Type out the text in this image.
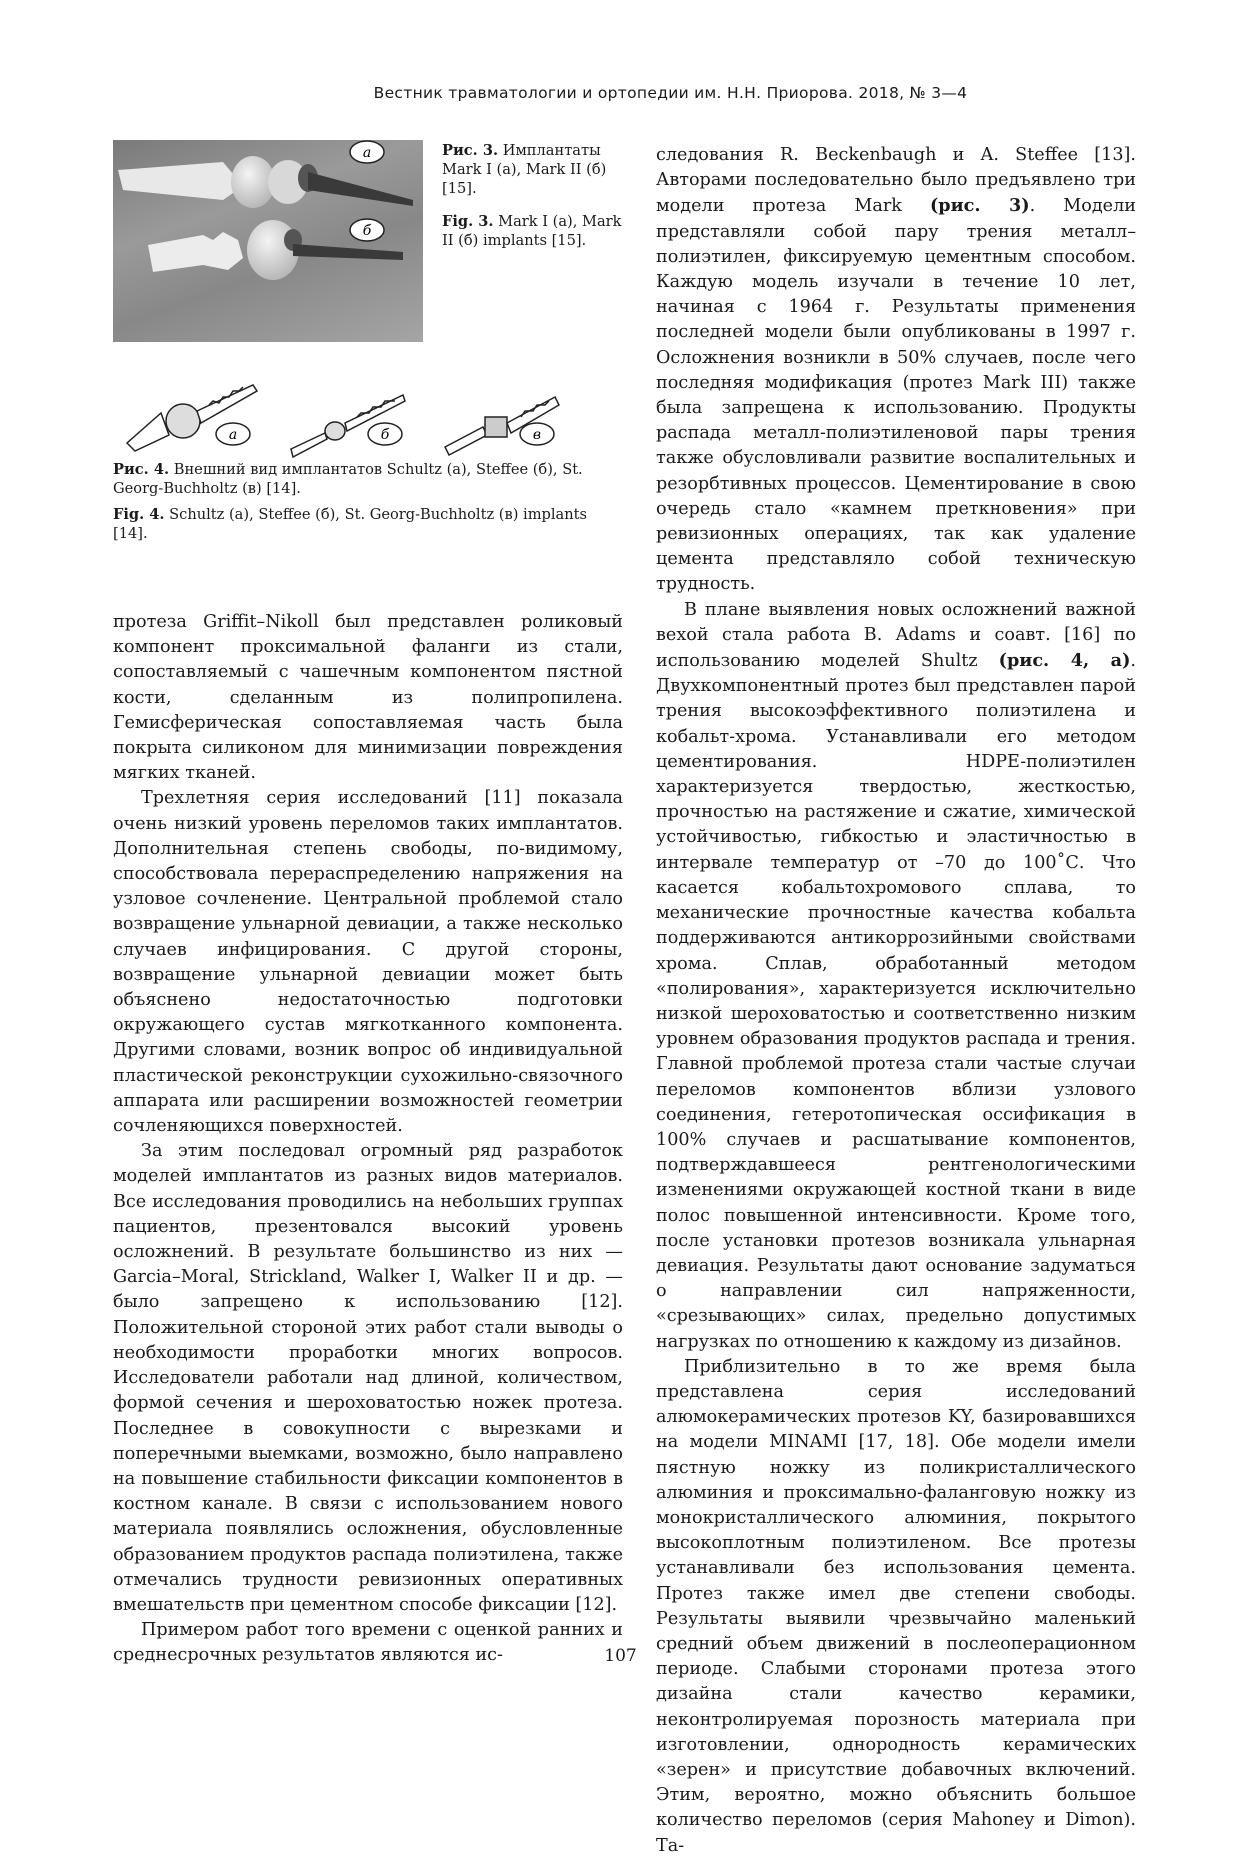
Вестник травматологии и ортопедии им. Н.Н. Приорова. 2018, № 3—4
а
б
Рис. 3. Имплантаты Mark I (а), Mark II (б) [15].
Fig. 3. Mark I (а), Mark II (б) implants [15].
а	б	в
Рис. 4. Внешний вид имплантатов Schultz (а), Steffee (б), St. Georg-Buchholtz (в) [14].
Fig. 4. Schultz (а), Steffee (б), St. Georg-Buchholtz (в) implants [14].

протеза Griffit–Nikoll был представлен роликовый компонент проксимальной фаланги из стали, сопоставляемый с чашечным компонентом пястной кости, сделанным из полипропилена. Гемисферическая сопоставляемая часть была покрыта силиконом для минимизации повреждения мягких тканей.

Трехлетняя серия исследований [11] показала очень низкий уровень переломов таких имплантатов. Дополнительная степень свободы, по-видимому, способствовала перераспределению напряжения на узловое сочленение. Центральной проблемой стало возвращение ульнарной девиации, а также несколько случаев инфицирования. С другой стороны, возвращение ульнарной девиации может быть объяснено недостаточностью подготовки окружающего сустав мягкотканного компонента. Другими словами, возник вопрос об индивидуальной пластической реконструкции сухожильно-связочного аппарата или расширении возможностей геометрии сочленяющихся поверхностей.

За этим последовал огромный ряд разработок моделей имплантатов из разных видов материалов. Все исследования проводились на небольших группах пациентов, презентовался высокий уровень осложнений. В результате большинство из них — Garcia–Moral, Strickland, Walker I, Walker II и др. — было запрещено к использованию [12]. Положительной стороной этих работ стали выводы о необходимости проработки многих вопросов. Исследователи работали над длиной, количеством, формой сечения и шероховатостью ножек протеза. Последнее в совокупности с вырезками и поперечными выемками, возможно, было направлено на повышение стабильности фиксации компонентов в костном канале. В связи с использованием нового материала появлялись осложнения, обусловленные образованием продуктов распада полиэтилена, также отмечались трудности ревизионных оперативных вмешательств при цементном способе фиксации [12].

Примером работ того времени с оценкой ранних и среднесрочных результатов являются ис-

следования R. Beckenbaugh и A. Steffee [13]. Авторами последовательно было предъявлено три модели протеза Mark (рис. 3). Модели представляли собой пару трения металл–полиэтилен, фиксируемую цементным способом. Каждую модель изучали в течение 10 лет, начиная с 1964 г. Результаты применения последней модели были опубликованы в 1997 г. Осложнения возникли в 50% случаев, после чего последняя модификация (протез Mark III) также была запрещена к использованию. Продукты распада металл-полиэтиленовой пары трения также обусловливали развитие воспалительных и резорбтивных процессов. Цементирование в свою очередь стало «камнем преткновения» при ревизионных операциях, так как удаление цемента представляло собой техническую трудность.

В плане выявления новых осложнений важной вехой стала работа B. Adams и соавт. [16] по использованию моделей Shultz (рис. 4, а). Двухкомпонентный протез был представлен парой трения высокоэффективного полиэтилена и кобальт-хрома. Устанавливали его методом цементирования. HDPE-полиэтилен характеризуется твердостью, жесткостью, прочностью на растяжение и сжатие, химической устойчивостью, гибкостью и эластичностью в интервале температур от –70 до 100˚С. Что касается кобальтохромового сплава, то механические прочностные качества кобальта поддерживаются антикоррозийными свойствами хрома. Сплав, обработанный методом «полирования», характеризуется исключительно низкой шероховатостью и соответственно низким уровнем образования продуктов распада и трения. Главной проблемой протеза стали частые случаи переломов компонентов вблизи узлового соединения, гетеротопическая оссификация в 100% случаев и расшатывание компонентов, подтверждавшееся рентгенологическими изменениями окружающей костной ткани в виде полос повышенной интенсивности. Кроме того, после установки протезов возникала ульнарная девиация. Результаты дают основание задуматься о направлении сил напряженности, «срезывающих» силах, предельно допустимых нагрузках по отношению к каждому из дизайнов.

Приблизительно в то же время была представлена серия исследований алюмокерамических протезов KY, базировавшихся на модели MINAMI [17, 18]. Обе модели имели пястную ножку из поликристаллического алюминия и проксимально-фаланговую ножку из монокристаллического алюминия, покрытого высокоплотным полиэтиленом. Все протезы устанавливали без использования цемента. Протез также имел две степени свободы. Результаты выявили чрезвычайно маленький средний объем движений в послеоперационном периоде. Слабыми сторонами протеза этого дизайна стали качество керамики, неконтролируемая порозность материала при изготовлении, однородность керамических «зерен» и присутствие добавочных включений. Этим, вероятно, можно объяснить большое количество переломов (серия Mahoney и Dimon). Та-

107
